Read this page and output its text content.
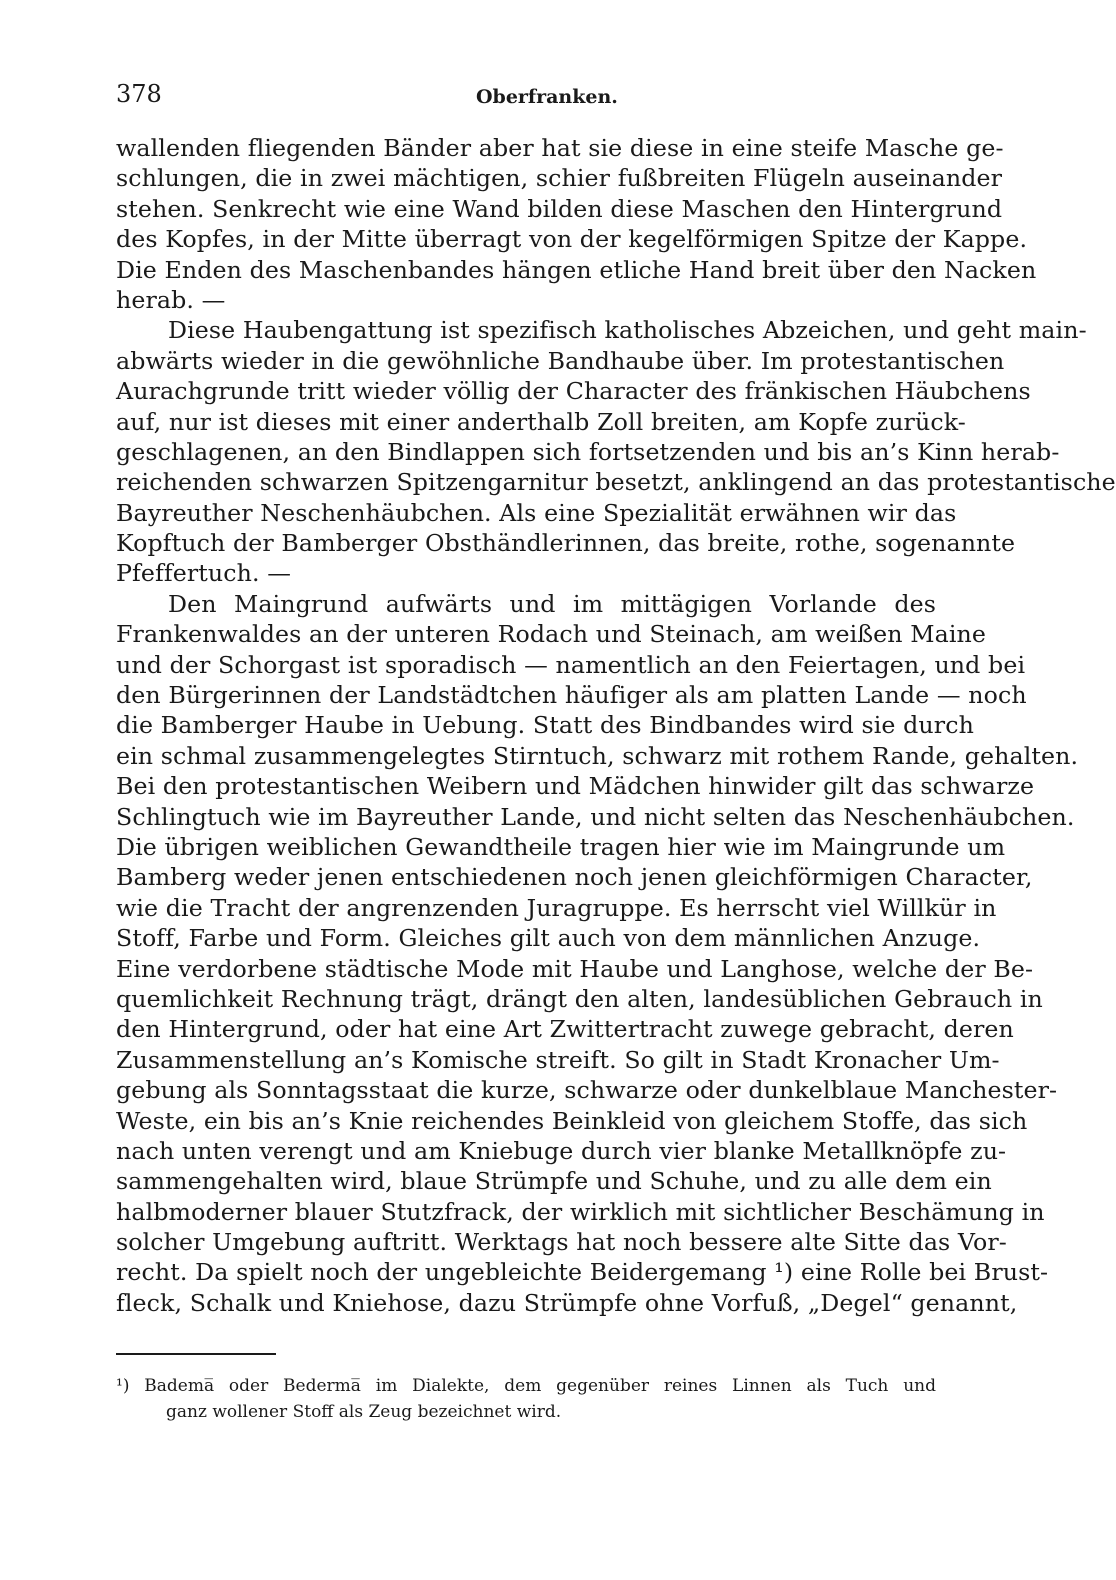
378	Oberfranken.
wallenden fliegenden Bänder aber hat sie diese in eine steife Masche ge-
schlungen, die in zwei mächtigen, schier fußbreiten Flügeln auseinander
stehen. Senkrecht wie eine Wand bilden diese Maschen den Hintergrund
des Kopfes, in der Mitte überragt von der kegelförmigen Spitze der Kappe.
Die Enden des Maschenbandes hängen etliche Hand breit über den Nacken
herab. —
Diese Haubengattung ist spezifisch katholisches Abzeichen, und geht main-
abwärts wieder in die gewöhnliche Bandhaube über. Im protestantischen
Aurachgrunde tritt wieder völlig der Character des fränkischen Häubchens
auf, nur ist dieses mit einer anderthalb Zoll breiten, am Kopfe zurück-
geschlagenen, an den Bindlappen sich fortsetzenden und bis an’s Kinn herab-
reichenden schwarzen Spitzengarnitur besetzt, anklingend an das protestantische
Bayreuther Neschenhäubchen. Als eine Spezialität erwähnen wir das
Kopftuch der Bamberger Obsthändlerinnen, das breite, rothe, sogenannte
Pfeffertuch. —
Den Maingrund aufwärts und im mittägigen Vorlande des
Frankenwaldes an der unteren Rodach und Steinach, am weißen Maine
und der Schorgast ist sporadisch — namentlich an den Feiertagen, und bei
den Bürgerinnen der Landstädtchen häufiger als am platten Lande — noch
die Bamberger Haube in Uebung. Statt des Bindbandes wird sie durch
ein schmal zusammengelegtes Stirntuch, schwarz mit rothem Rande, gehalten.
Bei den protestantischen Weibern und Mädchen hinwider gilt das schwarze
Schlingtuch wie im Bayreuther Lande, und nicht selten das Neschenhäubchen.
Die übrigen weiblichen Gewandtheile tragen hier wie im Maingrunde um
Bamberg weder jenen entschiedenen noch jenen gleichförmigen Character,
wie die Tracht der angrenzenden Juragruppe. Es herrscht viel Willkür in
Stoff, Farbe und Form. Gleiches gilt auch von dem männlichen Anzuge.
Eine verdorbene städtische Mode mit Haube und Langhose, welche der Be-
quemlichkeit Rechnung trägt, drängt den alten, landesüblichen Gebrauch in
den Hintergrund, oder hat eine Art Zwittertracht zuwege gebracht, deren
Zusammenstellung an’s Komische streift. So gilt in Stadt Kronacher Um-
gebung als Sonntagsstaat die kurze, schwarze oder dunkelblaue Manchester-
Weste, ein bis an’s Knie reichendes Beinkleid von gleichem Stoffe, das sich
nach unten verengt und am Kniebuge durch vier blanke Metallknöpfe zu-
sammengehalten wird, blaue Strümpfe und Schuhe, und zu alle dem ein
halbmoderner blauer Stutzfrack, der wirklich mit sichtlicher Beschämung in
solcher Umgebung auftritt. Werktags hat noch bessere alte Sitte das Vor-
recht. Da spielt noch der ungebleichte Beidergemang ¹) eine Rolle bei Brust-
fleck, Schalk und Kniehose, dazu Strümpfe ohne Vorfuß, „Degel“ genannt,
¹) Badema̅ oder Bederma̅ im Dialekte, dem gegenüber reines Linnen als Tuch und
ganz wollener Stoff als Zeug bezeichnet wird.
